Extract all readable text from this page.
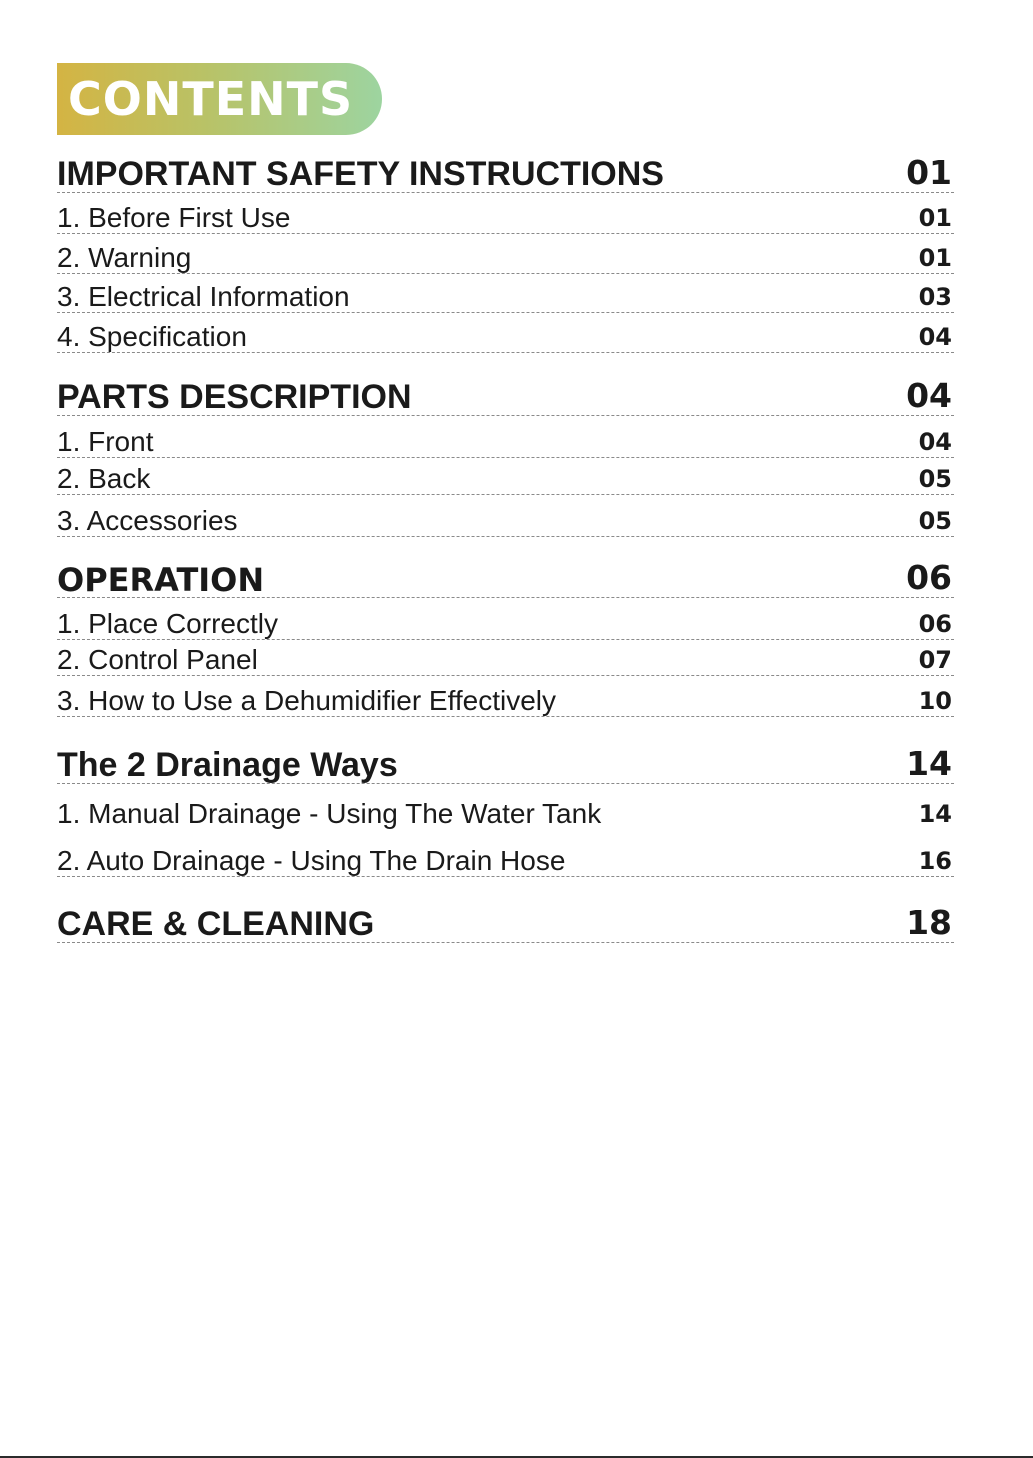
CONTENTS
IMPORTANT SAFETY INSTRUCTIONS	01
1. Before First Use	01
2. Warning	01
3. Electrical Information	03
4. Specification	04
PARTS DESCRIPTION	04
1. Front	04
2. Back	05
3. Accessories	05
OPERATION	06
1. Place Correctly	06
2. Control Panel	07
3. How to Use a Dehumidifier Effectively	10
The 2 Drainage Ways	14
1. Manual Drainage - Using The Water Tank	14
2. Auto Drainage - Using The Drain Hose	16
CARE & CLEANING	18
